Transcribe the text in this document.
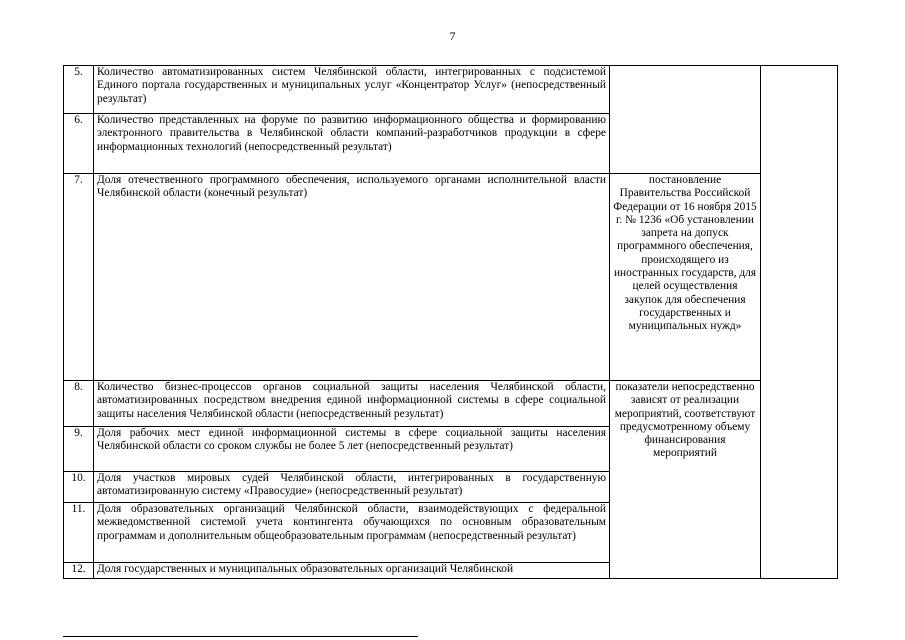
7
5.	Количество автоматизированных систем Челябинской области, интегрированных с подсистемой Единого портала государственных и муниципальных услуг «Концентратор Услуг» (непосредственный результат)		
6.	Количество представленных на форуме по развитию информационного общества и формированию электронного правительства в Челябинской области компаний-разработчиков продукции в сфере информационных технологий (непосредственный результат)		
7.	Доля отечественного программного обеспечения, используемого органами исполнительной власти Челябинской области (конечный результат)	постановление Правительства Российской Федерации от 16 ноября 2015 г. № 1236 «Об установлении запрета на допуск программного обеспечения, происходящего из иностранных государств, для целей осуществления закупок для обеспечения государственных и муниципальных нужд»	
8.	Количество бизнес-процессов органов социальной защиты населения Челябинской области, автоматизированных посредством внедрения единой информационной системы в сфере социальной защиты населения Челябинской области (непосредственный результат)	показатели непосредственно зависят от реализации мероприятий, соответствуют предусмотренному объему финансирования мероприятий	
9.	Доля рабочих мест единой информационной системы в сфере социальной защиты населения Челябинской области со сроком службы не более 5 лет (непосредственный результат)		
10.	Доля участков мировых судей Челябинской области, интегрированных в государственную автоматизированную систему «Правосудие» (непосредственный результат)		
11.	Доля образовательных организаций Челябинской области, взаимодействующих с федеральной межведомственной системой учета контингента обучающихся по основным образовательным программам и дополнительным общеобразовательным программам (непосредственный результат)		
12.	Доля государственных и муниципальных образовательных организаций Челябинской		
